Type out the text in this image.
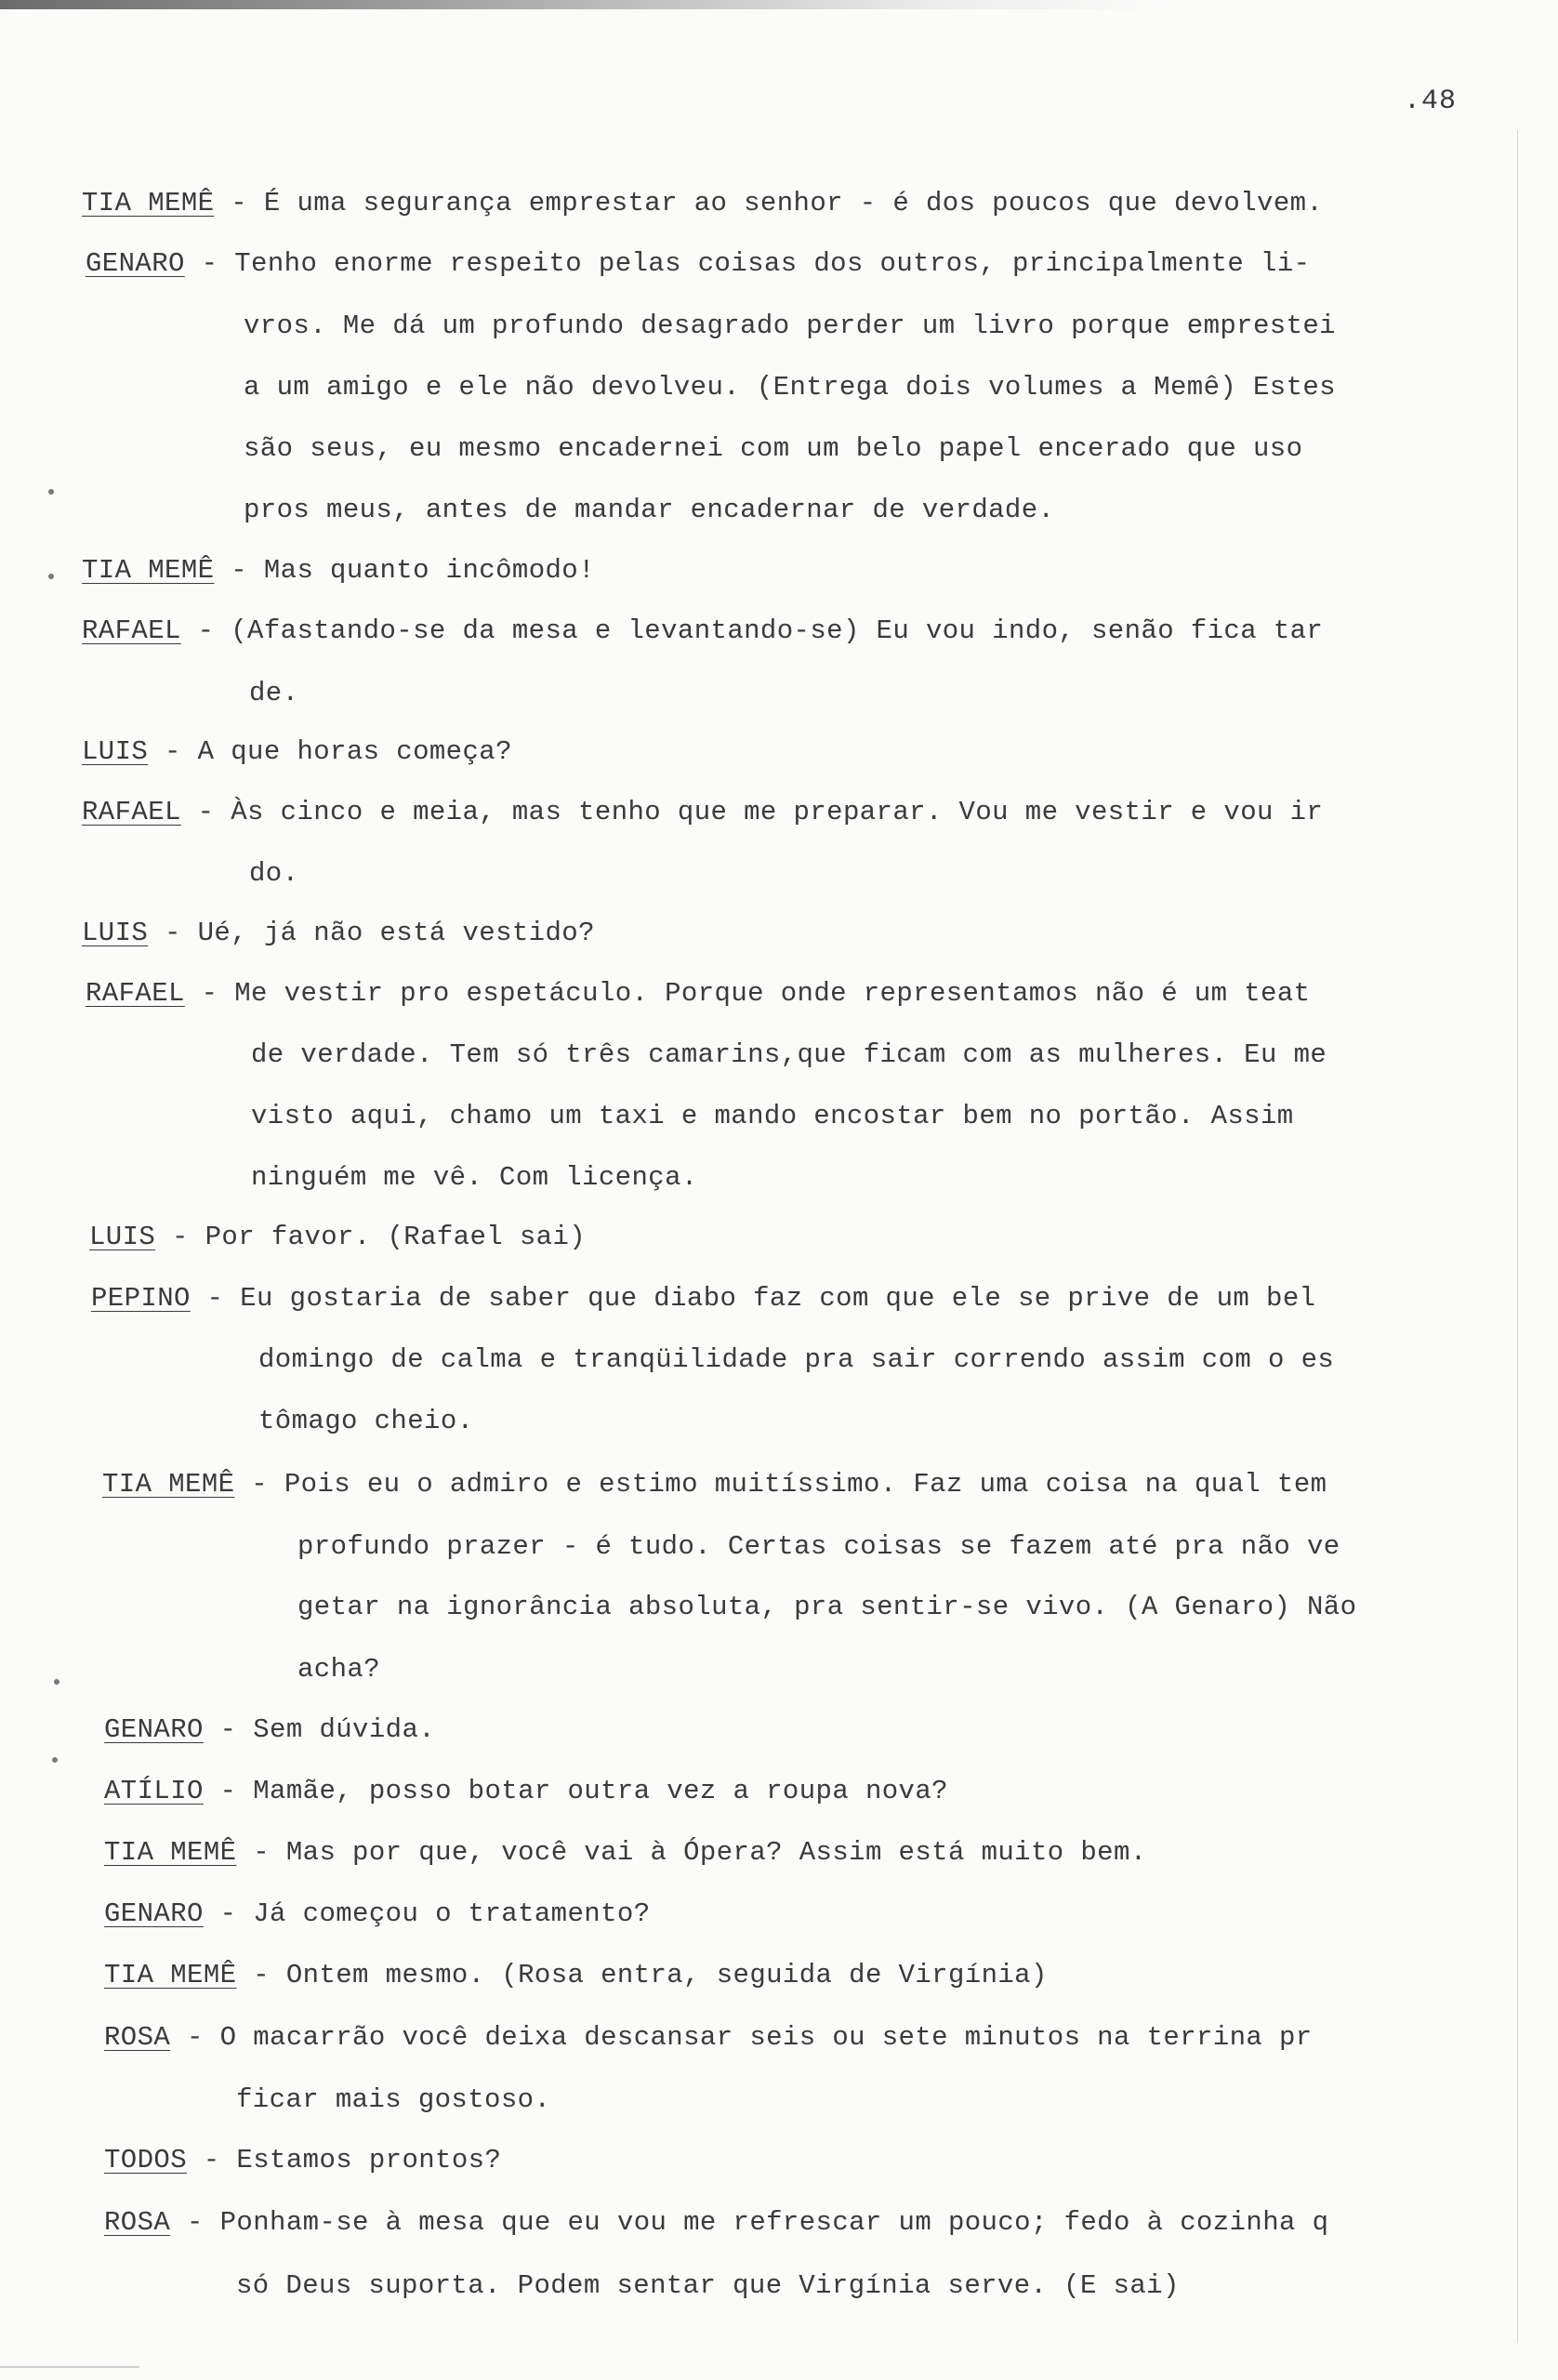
.48
TIA MEMÊ - É uma segurança emprestar ao senhor - é dos poucos que devolvem.
GENARO - Tenho enorme respeito pelas coisas dos outros, principalmente li-
vros. Me dá um profundo desagrado perder um livro porque emprestei
a um amigo e ele não devolveu. (Entrega dois volumes a Memê) Estes
são seus, eu mesmo encadernei com um belo papel encerado que uso
pros meus, antes de mandar encadernar de verdade.
TIA MEMÊ - Mas quanto incômodo!
RAFAEL - (Afastando-se da mesa e levantando-se) Eu vou indo, senão fica tar
de.
LUIS - A que horas começa?
RAFAEL - Às cinco e meia, mas tenho que me preparar. Vou me vestir e vou ir
do.
LUIS - Ué, já não está vestido?
RAFAEL - Me vestir pro espetáculo. Porque onde representamos não é um teat
de verdade. Tem só três camarins,que ficam com as mulheres. Eu me
visto aqui, chamo um taxi e mando encostar bem no portão. Assim
ninguém me vê. Com licença.
LUIS - Por favor. (Rafael sai)
PEPINO - Eu gostaria de saber que diabo faz com que ele se prive de um bel
domingo de calma e tranqüilidade pra sair correndo assim com o es
tômago cheio.
TIA MEMÊ - Pois eu o admiro e estimo muitíssimo. Faz uma coisa na qual tem
profundo prazer - é tudo. Certas coisas se fazem até pra não ve
getar na ignorância absoluta, pra sentir-se vivo. (A Genaro) Não
acha?
GENARO - Sem dúvida.
ATÍLIO - Mamãe, posso botar outra vez a roupa nova?
TIA MEMÊ - Mas por que, você vai à Ópera? Assim está muito bem.
GENARO - Já começou o tratamento?
TIA MEMÊ - Ontem mesmo. (Rosa entra, seguida de Virgínia)
ROSA - O macarrão você deixa descansar seis ou sete minutos na terrina pr
ficar mais gostoso.
TODOS - Estamos prontos?
ROSA - Ponham-se à mesa que eu vou me refrescar um pouco; fedo à cozinha q
só Deus suporta. Podem sentar que Virgínia serve. (E sai)
